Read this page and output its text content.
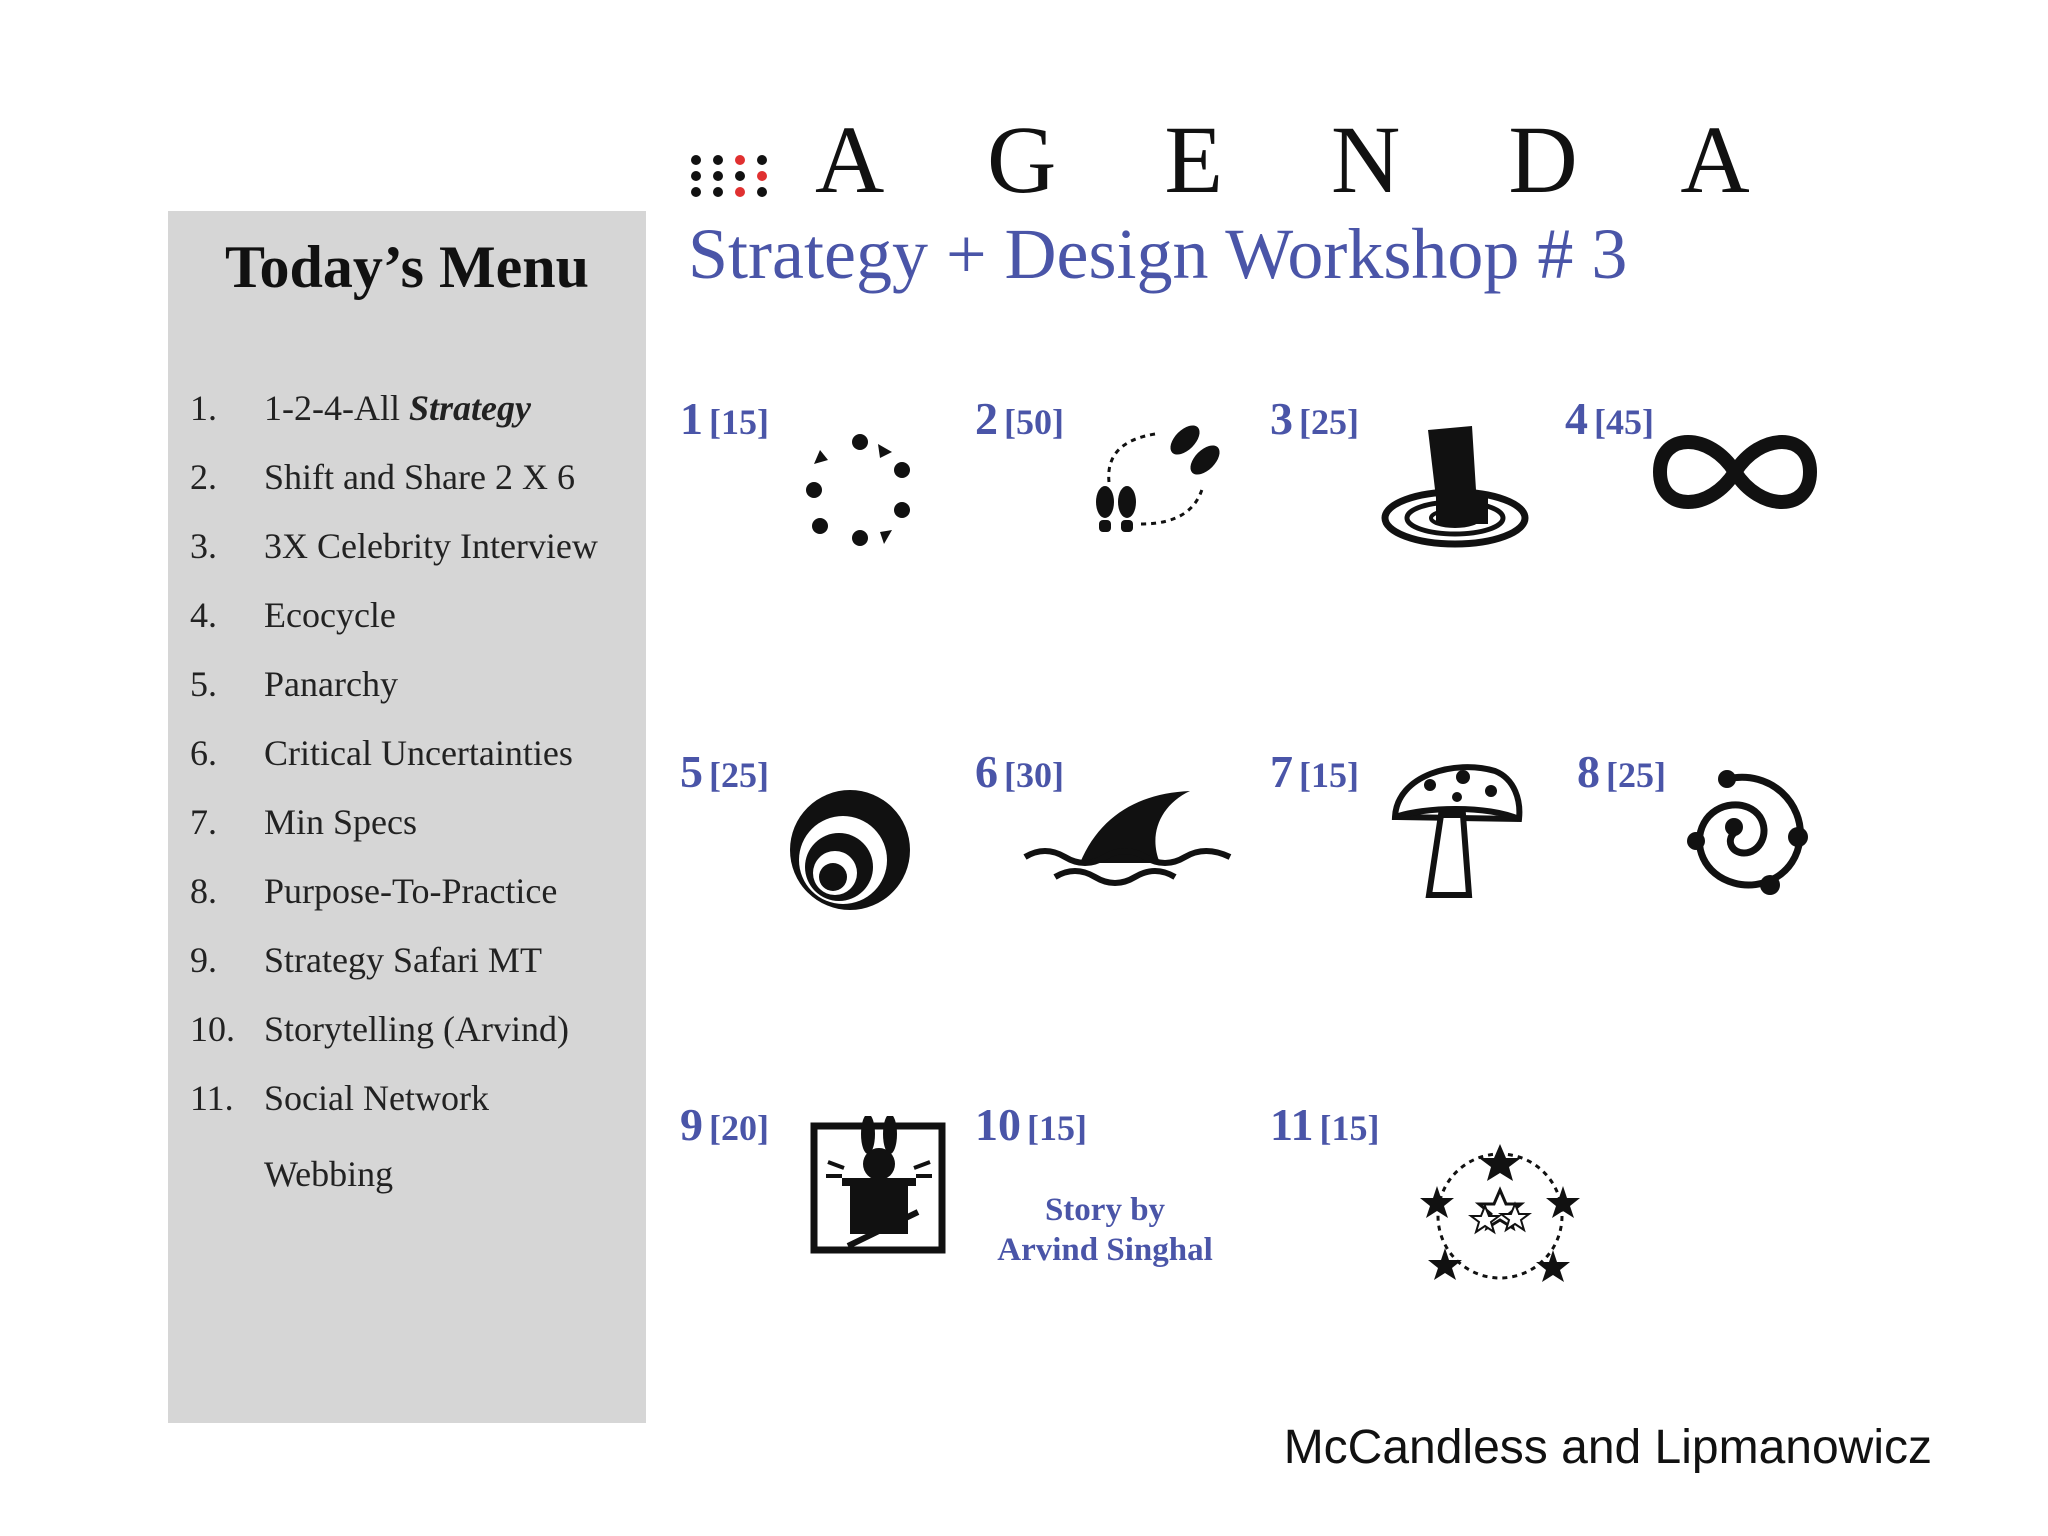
A G E N D A
Strategy + Design Workshop # 3
Today’s Menu
1. 1-2-4-All Strategy
2. Shift and Share 2 X 6
3. 3X Celebrity Interview
4. Ecocycle
5. Panarchy
6. Critical Uncertainties
7. Min Specs
8. Purpose-To-Practice
9. Strategy Safari MT
10. Storytelling (Arvind)
11. Social Network
Webbing
1 [15]	2 [50]	3 [25]	4 [45]
5 [25]	6 [30]	7 [15]	8 [25]
9 [20]	10 [15]
Story by
Arvind Singhal
11 [15]
McCandless and Lipmanowicz
